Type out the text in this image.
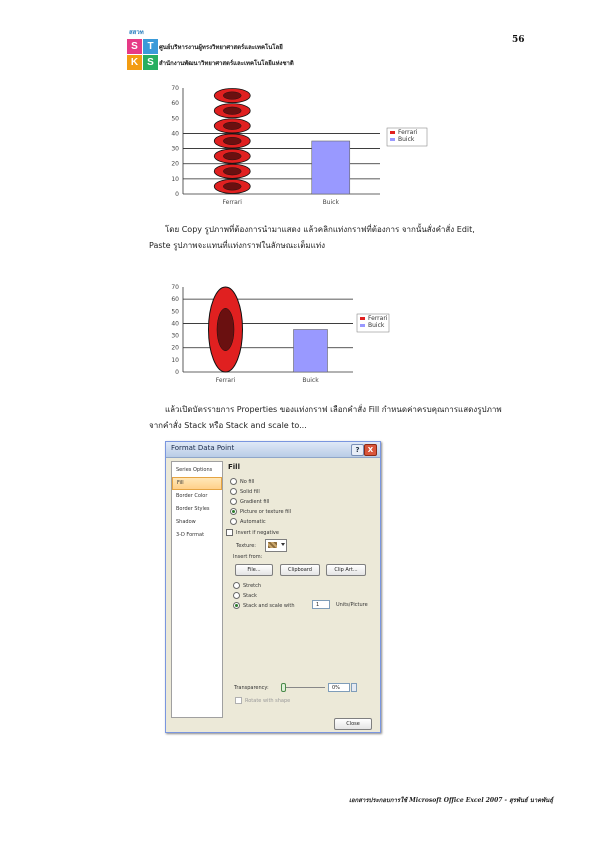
สสวท
S T
K S
ศูนย์บริหารงานผู้ทรงวิทยาศาสตร์และเทคโนโลยี
สำนักงานพัฒนาวิทยาศาสตร์และเทคโนโลยีแห่งชาติ
56
70
60
50
40
30
20
10
0
Ferrari	Buick
Ferrari
Buick
โดย Copy รูปภาพที่ต้องการนำมาแสดง แล้วคลิกแท่งกราฟที่ต้องการ จากนั้นสั่งคำสั่ง Edit,
Paste รูปภาพจะแทนที่แท่งกราฟในลักษณะเต็มแท่ง
70
60
50
40
30
20
10
0
Ferrari	Buick
Ferrari
Buick
แล้วเปิดบัตรรายการ Properties ของแท่งกราฟ เลือกคำสั่ง Fill กำหนดค่าครบคุณการแสดงรูปภาพ
จากคำสั่ง Stack หรือ Stack and scale to...
Format Data Point	?	X
Series Options
Fill
Border Color
Border Styles
Shadow
3-D Format
Fill
No fill
Solid fill
Gradient fill
Picture or texture fill
Automatic
Invert if negative
Texture:
Insert from:
File...	Clipboard	Clip Art...
Stretch
Stack
Stack and scale with	1	Units/Picture
Transparency:	0%
Rotate with shape
Close
เอกสารประกอบการใช้ Microsoft Office Excel 2007 - สุรพันธ์ นาคพันธุ์
